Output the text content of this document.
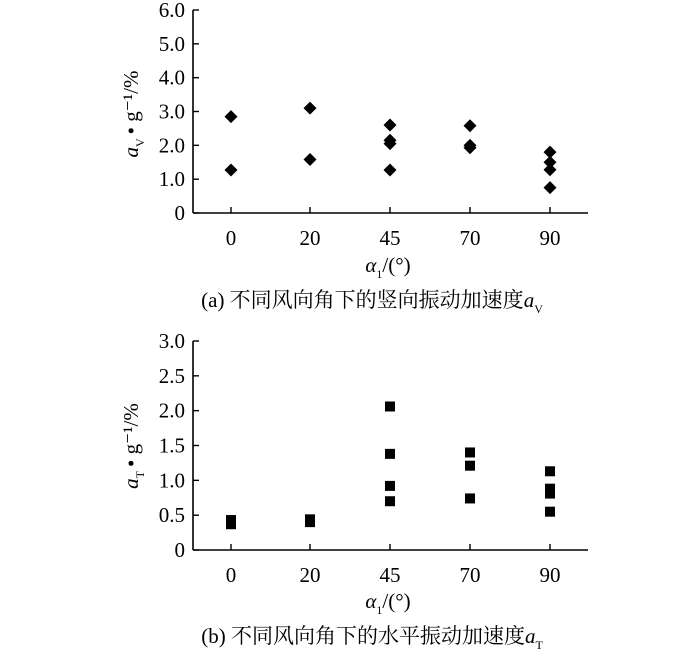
0
1.0
2.0
3.0
4.0
5.0
6.0
0	20	45	70	90
$a_V•$ g⁻¹/%
$\alpha_1/(^\circ)$
(a) 不同风向角下的竖向振动加速度$a_V$
0
0.5
1.0
1.5
2.0
2.5
3.0
0	20	45	70	90
$a_T•$ g⁻¹/%
$\alpha_1/(^\circ)$
(b) 不同风向角下的水平振动加速度$a_T$
